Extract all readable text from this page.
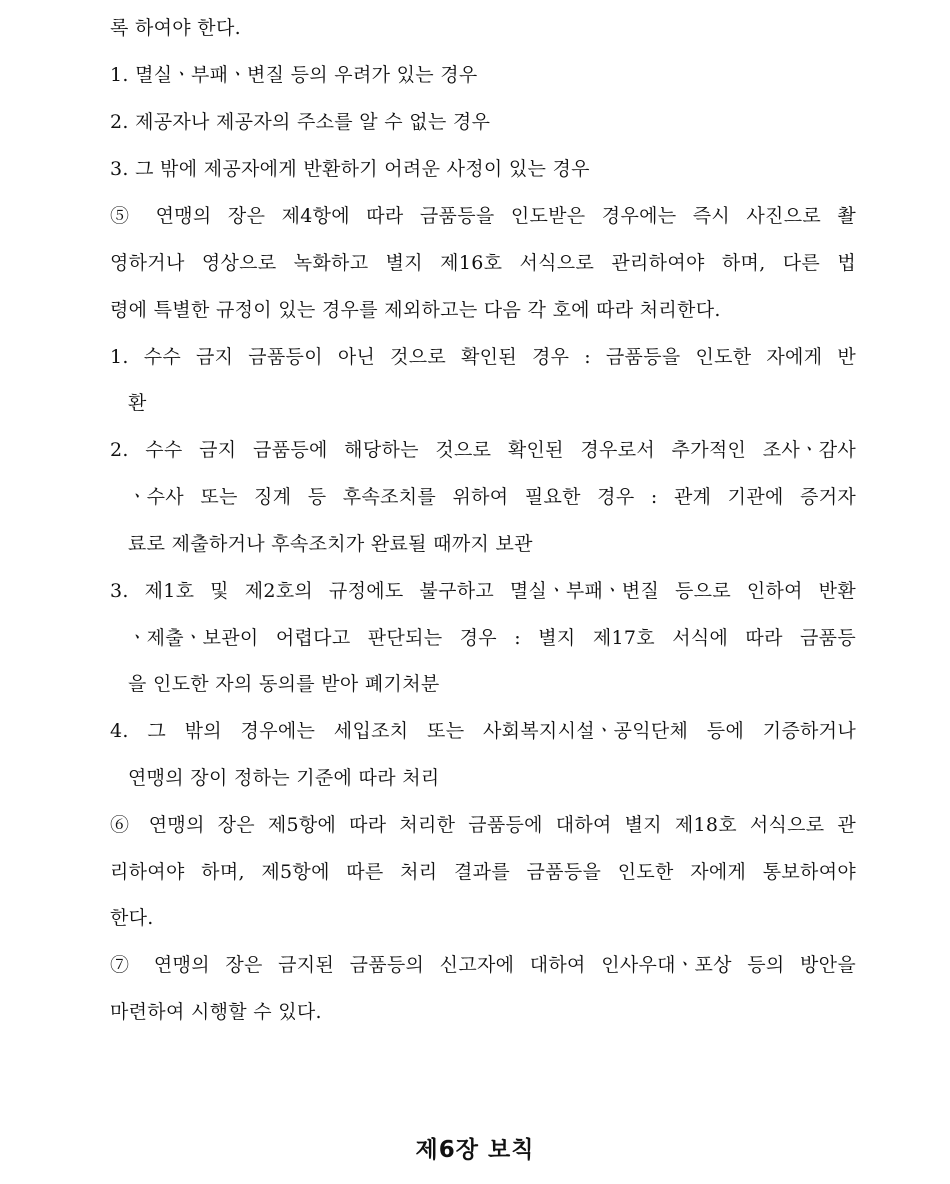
록 하여야 한다.
1. 멸실ㆍ부패ㆍ변질 등의 우려가 있는 경우
2. 제공자나 제공자의 주소를 알 수 없는 경우
3. 그 밖에 제공자에게 반환하기 어려운 사정이 있는 경우
⑤ 연맹의 장은 제4항에 따라 금품등을 인도받은 경우에는 즉시 사진으로 촬
영하거나 영상으로 녹화하고 별지 제16호 서식으로 관리하여야 하며, 다른 법
령에 특별한 규정이 있는 경우를 제외하고는 다음 각 호에 따라 처리한다.
1. 수수 금지 금품등이 아닌 것으로 확인된 경우 : 금품등을 인도한 자에게 반
환
2. 수수 금지 금품등에 해당하는 것으로 확인된 경우로서 추가적인 조사ㆍ감사
ㆍ수사 또는 징계 등 후속조치를 위하여 필요한 경우 : 관계 기관에 증거자
료로 제출하거나 후속조치가 완료될 때까지 보관
3. 제1호 및 제2호의 규정에도 불구하고 멸실ㆍ부패ㆍ변질 등으로 인하여 반환
ㆍ제출ㆍ보관이 어렵다고 판단되는 경우 : 별지 제17호 서식에 따라 금품등
을 인도한 자의 동의를 받아 폐기처분
4. 그 밖의 경우에는 세입조치 또는 사회복지시설ㆍ공익단체 등에 기증하거나
연맹의 장이 정하는 기준에 따라 처리
⑥ 연맹의 장은 제5항에 따라 처리한 금품등에 대하여 별지 제18호 서식으로 관
리하여야 하며, 제5항에 따른 처리 결과를 금품등을 인도한 자에게 통보하여야
한다.
⑦ 연맹의 장은 금지된 금품등의 신고자에 대하여 인사우대ㆍ포상 등의 방안을
마련하여 시행할 수 있다.
제6장 보칙
